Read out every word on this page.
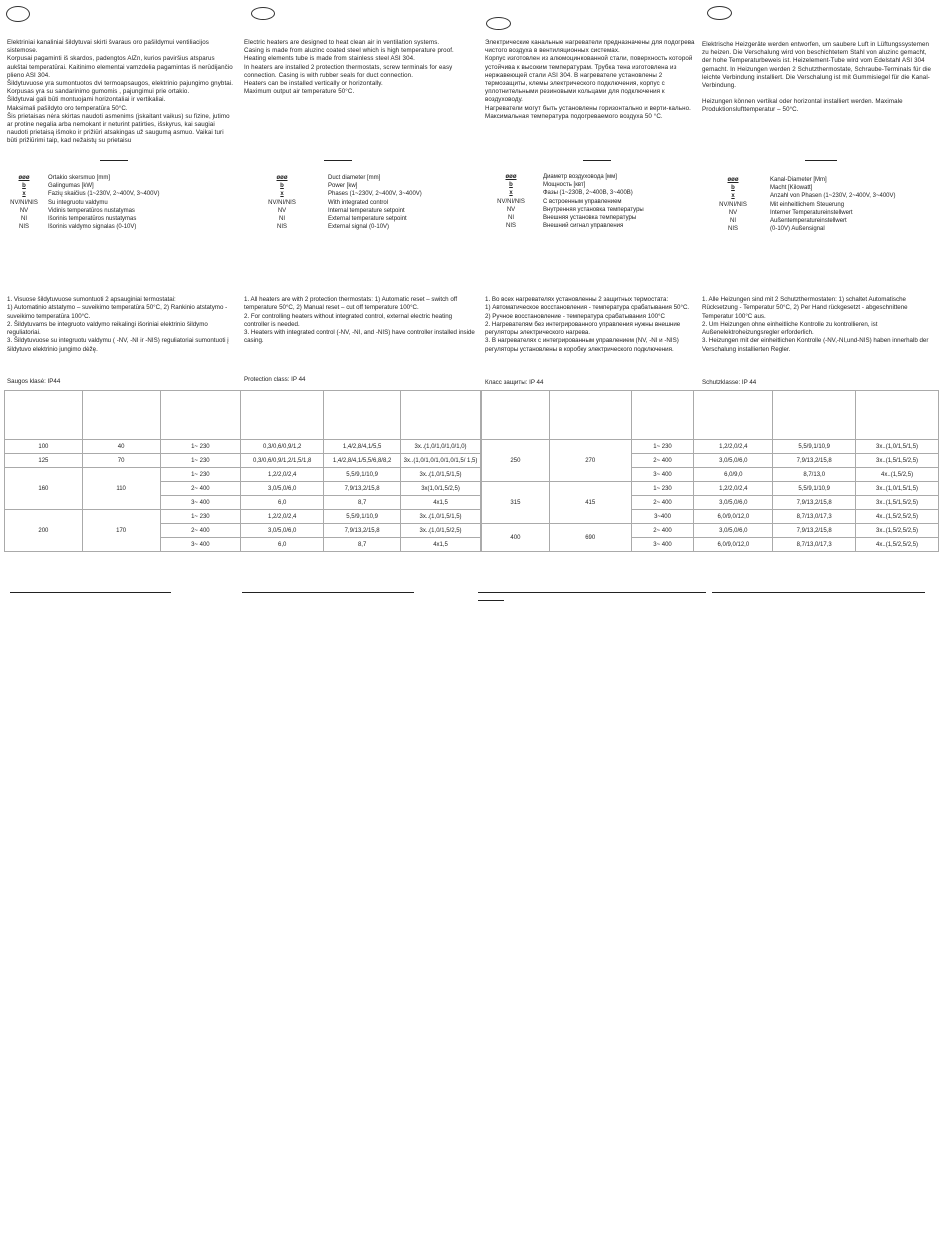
Elektriniai kanaliniai šildytuvai skirti švaraus oro pašildymui ventiliacijos sistemose.

Korpusai pagaminti iš skardos, padengtos AlZn, kurios paviršius atsparus aukštai temperatūrai. Kaitinimo elementai vamzdelia pagamintas iš nerūdijančio plieno ASI 304.

Šildytuvuose yra sumontuotos dvi termoapsaugos, elektrinio pajungimo gnybtai. Korpusas yra su sandarinimo gumomis , pajungimui prie ortakio.

Šildytuvai gali būti montuojami horizontaliai ir vertikaliai.

Maksimali pašildyto oro temperatūra 50°C.

Šis prietaisas nėra skirtas naudoti asmenims (įskaitant vaikus) su fizine, jutimo ar protine negalia arba nemokant ir neturint patirties, išskyrus, kai saugiai naudoti prietaisą išmoko ir prižiūri atsakingas už saugumą asmuo. Vaikai turi būti prižiūrimi taip, kad nežaistų su prietaisu

Electric heaters are designed to heat clean air in ventilation systems.

Casing is made from aluzinc coated steel which is high temperature proof. Heating elements tube is made from stainless steel ASI 304.

In heaters are installed 2 protection thermostats, screw terminals for easy connection. Casing is with rubber seals for duct connection.

Heaters can be installed vertically or horizontally.

Maximum output air temperature 50°C.

Электрические канальные нагреватели предназначены для подогрева чистого воздуха в вентиляционных системах.

Корпус изготовлен из алюмоцинкованной стали, поверхность которой устойчива к высоким температурам. Трубка тена изготовлена из нержавеющей стали ASI 304. В нагревателе установлены 2 термозащиты, клемы электрического подключения, корпус с уплотнительными резиновыми кольцами для подключения к воздуховоду.

Нагреватели могут быть установлены горизонтально и верти-кально. Максимальная температура подогреваемого воздуха 50 °C.

Elektrische Heizgeräte werden entworfen, um saubere Luft in Lüftungssystemen zu heizen. Die Verschalung wird von beschichtetem Stahl von aluzinc gemacht, der hohe Temperaturbeweis ist. Heizelement-Tube wird vom Edelstahl ASI 304 gemacht. In Heizungen werden 2 Schutzthermostate, Schraube-Terminals für die leichte Verbindung installiert. Die Verschalung ist mit Gummisiegel für die Kanal-Verbindung.

Heizungen können vertikal oder horizontal installiert werden. Maximale Produktionslufttemperatur – 50°C.

øøø	Ortakio skersmuo [mm]
b	Galingumas [kW]
x	Fazių skaičius (1~230V, 2~400V, 3~400V)
NV/NI/NIS	Su integruotu valdymu
NV	Vidinis temperatūros nustatymas
NI	Išorinis temperatūros nustatymas
NIS	Išorinis valdymo signalas (0-10V)
øøø	Duct diameter [mm]
b	Power [kw]
x	Phases (1~230V, 2~400V, 3~400V)
NV/NI/NIS	With integrated control
NV	Internal temperature setpoint
NI	External temperature setpoint
NIS	External signal (0-10V)
øøø	Диаметр воздуховода [мм]
b	Мощность [квт]
x	Фазы (1~230В, 2~400В, 3~400В)
NV/NI/NIS	С встроенным управлением
NV	Внутренняя установка температуры
NI	Внешняя установка температуры
NIS	Внешний сигнал управления
øøø	Kanal-Diameter [Mm]
b	Macht [Kilowatt]
x	Anzahl von Phasen (1~230V, 2~400V, 3~400V)
NV/NI/NIS	Mit einheitlichem Steuerung
NV	Interner Temperatureinstellwert
NI	Außentemperatureinstellwert
NIS	(0-10V) Außensignal

1. Visuose šildytuvuose sumontuoti 2 apsauginiai termostatai:

1) Automatinio atstatymo – suveikimo temperatūra 50°C, 2) Rankinio atstatymo - suveikimo temperatūra 100°C.

2. Šildytuvams be integruoto valdymo reikalingi išoriniai elektrinio šildymo reguliatoriai.

3. Šildytuvuose su integruotu valdymu ( -NV, -NI ir -NIS) reguliatoriai sumontuoti į šildytuvo elektrinio jungimo dėžę.

1. All heaters are with 2 protection thermostats: 1) Automatic reset – switch off temperature 50°C, 2) Manual reset – cut off temperature 100°C.

2. For controlling heaters without integrated control, external electric heating controller is needed.

3. Heaters with integrated control (-NV, -NI, and -NIS) have controller installed inside casing.

1. Во всех нагревателях установленны 2 защитных термостата:

1) Автоматическое восстановления - температура срабатывания 50°C. 2) Ручное восстановление - температура срабатывания 100°C

2. Нагревателям без интегрированного управления нужны внешние регуляторы электрического нагрева.

3. В нагревателях с интегрированным управлением (NV, -NI и -NIS) регуляторы установлены в коробку электрического подключения.

1. Alle Heizungen sind mit 2 Schutzthermostaten: 1) schaltet Automatische Rücksetzung - Temperatur 50°C, 2) Per Hand rückgesetzt - abgeschnittene Temperatur 100°C aus.

2. Um Heizungen ohne einheitliche Kontrolle zu kontrollieren, ist Außenelektroheizungsregler erforderlich.

3. Heizungen mit der einheitlichen Kontrolle (-NV,-NI,und-NIS) haben innerhalb der Verschalung installierten Regler.

Saugos klasė: IP44	Protection class: IP 44	Класс защиты: IP 44	Schutzklasse: IP 44

100	40	1~ 230	0,3/0,6/0,9/1,2	1,4/2,8/4,1/5,5	3x..(1,0/1,0/1,0/1,0)
125	70	1~ 230	0,3/0,6/0,9/1,2/1,5/1,8	1,4/2,8/4,1/5,5/6,8/8,2	3x..(1,0/1,0/1,0/1,0/1,5/ 1,5)
160	110	1~ 230	1,2/2,0/2,4	5,5/9,1/10,9	3x..(1,0/1,5/1,5)
		2~ 400	3,0/5,0/6,0	7,9/13,2/15,8	3x(1,0/1,5/2,5)
		3~ 400	6,0	8,7	4x1,5
200	170	1~ 230	1,2/2,0/2,4	5,5/9,1/10,9	3x..(1,0/1,5/1,5)
		2~ 400	3,0/5,0/6,0	7,9/13,2/15,8	3x..(1,0/1,5/2,5)
		3~ 400	6,0	8,7	4x1,5

250	270	1~ 230	1,2/2,0/2,4	5,5/9,1/10,9	3x..(1,0/1,5/1,5)
		2~ 400	3,0/5,0/6,0	7,9/13,2/15,8	3x..(1,5/1,5/2,5)
		3~ 400	6,0/9,0	8,7/13,0	4x..(1,5/2,5)
315	415	1~ 230	1,2/2,0/2,4	5,5/9,1/10,9	3x..(1,0/1,5/1,5)
		2~ 400	3,0/5,0/6,0	7,9/13,2/15,8	3x..(1,5/1,5/2,5)
		3~400	6,0/9,0/12,0	8,7/13,0/17,3	4x..(1,5/2,5/2,5)
400	690	2~ 400	3,0/5,0/6,0	7,9/13,2/15,8	3x..(1,5/2,5/2,5)
		3~ 400	6,0/9,0/12,0	8,7/13,0/17,3	4x..(1,5/2,5/2,5)
